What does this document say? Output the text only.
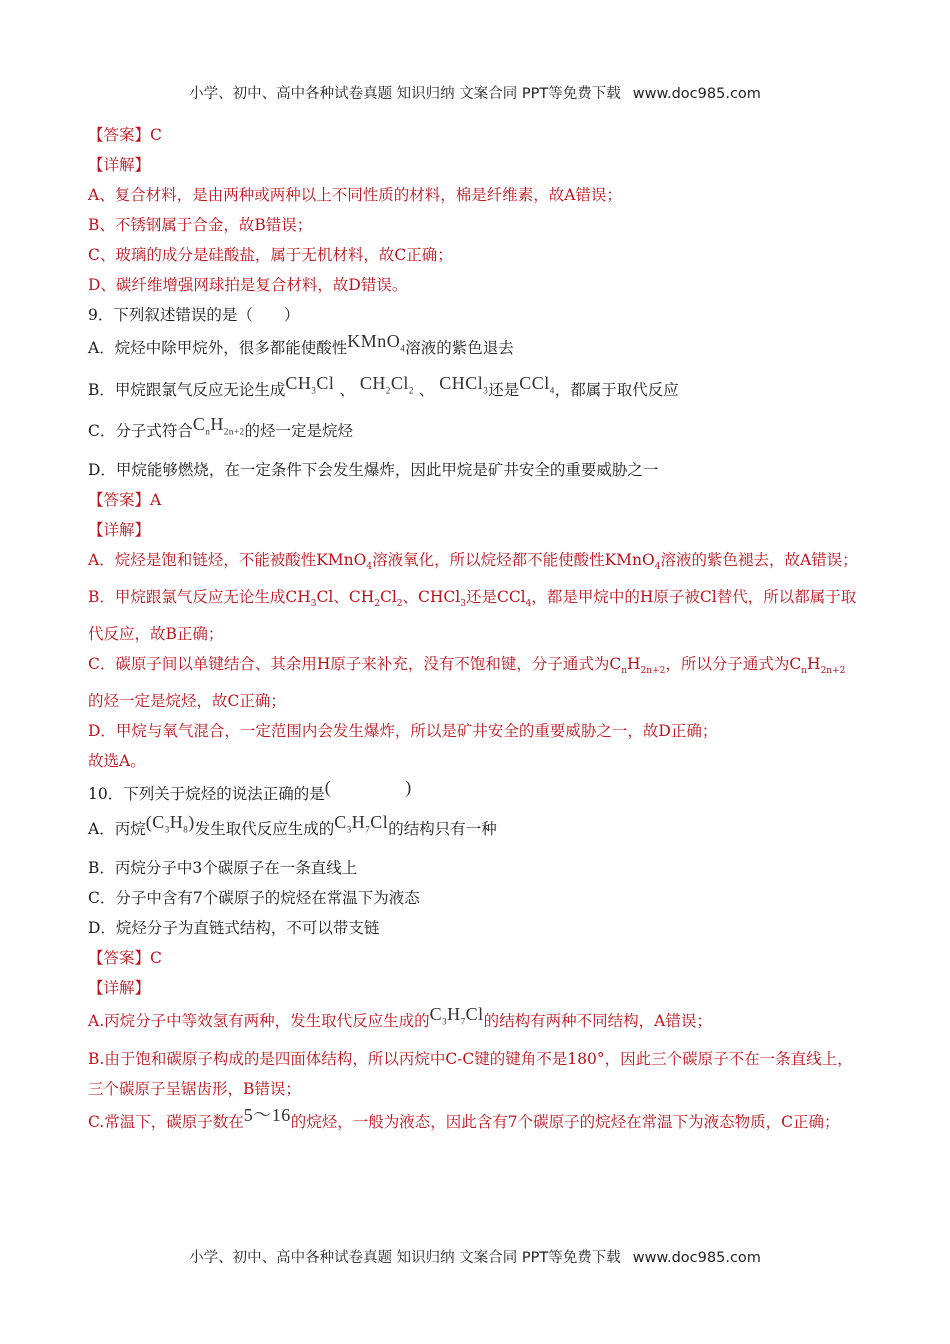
小学、初中、高中各种试卷真题 知识归纳 文案合同 PPT等免费下载 www.doc985.com
【答案】C
【详解】
A、复合材料，是由两种或两种以上不同性质的材料，棉是纤维素，故A错误；
B、不锈钢属于合金，故B错误；
C、玻璃的成分是硅酸盐，属于无机材料，故C正确；
D、碳纤维增强网球拍是复合材料，故D错误。
9．下列叙述错误的是（　　）
A．烷烃中除甲烷外，很多都能使酸性KMnO$_4$溶液的紫色退去
B．甲烷跟氯气反应无论生成$CH_3Cl$ 、 $CH_2Cl_2$ 、 CHCl$_3$还是CCl$_4$，都属于取代反应
C．分子式符合$C_nH_{2n+2}$的烃一定是烷烃
D．甲烷能够燃烧，在一定条件下会发生爆炸，因此甲烷是矿井安全的重要威胁之一
【答案】A
【详解】
A．烷烃是饱和链烃，不能被酸性KMnO$_4$溶液氧化，所以烷烃都不能使酸性KMnO$_4$溶液的紫色褪去，故A错误；
B．甲烷跟氯气反应无论生成$CH_3Cl$、$CH_2Cl_2$、CHCl$_3$还是CCl$_4$，都是甲烷中的H原子被Cl替代，所以都属于取代反应，故B正确；
C．碳原子间以单键结合、其余用H原子来补充，没有不饱和键，分子通式为$C_nH_{2n+2}$，所以分子通式为$C_nH_{2n+2}$的烃一定是烷烃，故C正确；
D．甲烷与氧气混合，一定范围内会发生爆炸，所以是矿井安全的重要威胁之一，故D正确；
故选A。
10．下列关于烷烃的说法正确的是(　　　　)
A．丙烷$(C_3H_8)$发生取代反应生成的$C_3H_7Cl$的结构只有一种
B．丙烷分子中3个碳原子在一条直线上
C．分子中含有7个碳原子的烷烃在常温下为液态
D．烷烃分子为直链式结构，不可以带支链
【答案】C
【详解】
A.丙烷分子中等效氢有两种，发生取代反应生成的$C_3H_7Cl$的结构有两种不同结构，A错误；
B.由于饱和碳原子构成的是四面体结构，所以丙烷中C-C键的键角不是180°，因此三个碳原子不在一条直线上，三个碳原子呈锯齿形，B错误；
C.常温下，碳原子数在5～16的烷烃，一般为液态，因此含有7个碳原子的烷烃在常温下为液态物质，C正确；
小学、初中、高中各种试卷真题 知识归纳 文案合同 PPT等免费下载 www.doc985.com
